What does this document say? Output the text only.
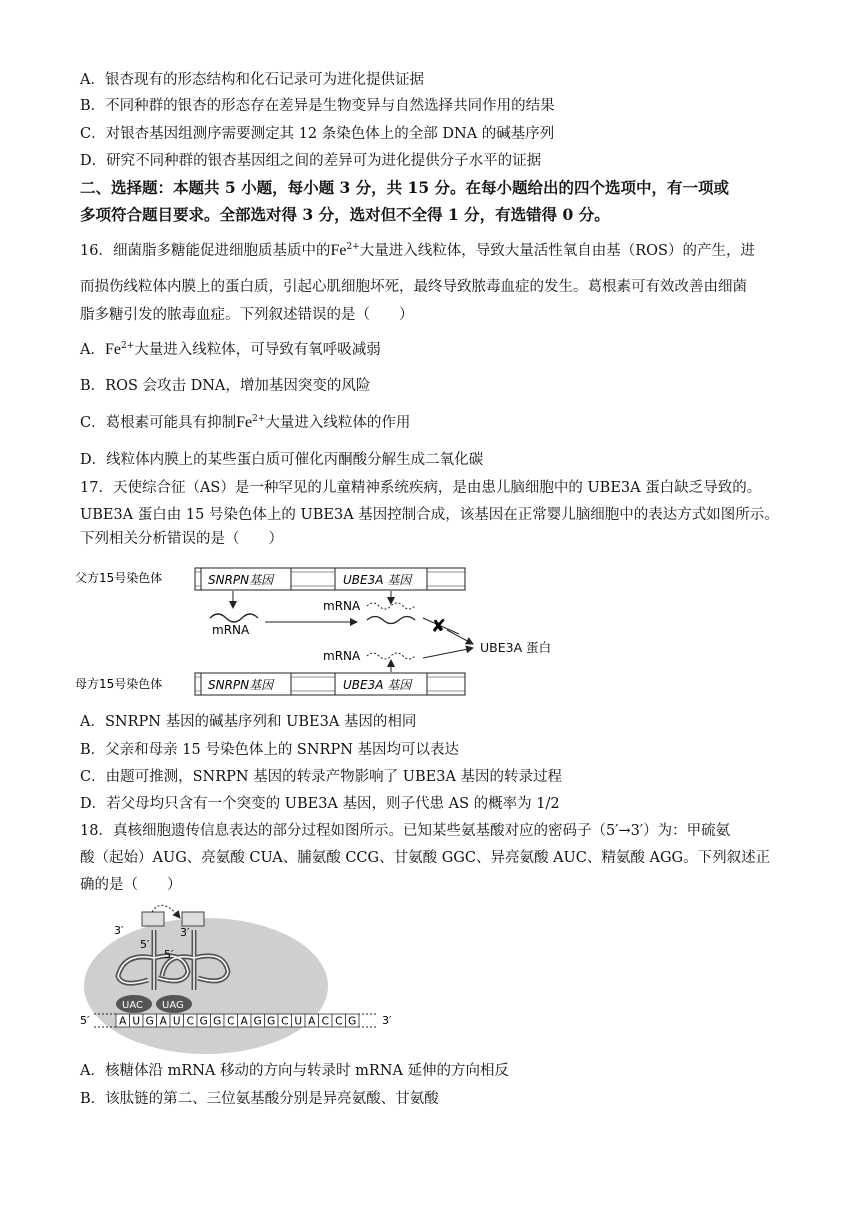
A．银杏现有的形态结构和化石记录可为进化提供证据
B．不同种群的银杏的形态存在差异是生物变异与自然选择共同作用的结果
C．对银杏基因组测序需要测定其 12 条染色体上的全部 DNA 的碱基序列
D．研究不同种群的银杏基因组之间的差异可为进化提供分子水平的证据
二、选择题：本题共 5 小题，每小题 3 分，共 15 分。在每小题给出的四个选项中，有一项或
多项符合题目要求。全部选对得 3 分，选对但不全得 1 分，有选错得 0 分。
16．细菌脂多糖能促进细胞质基质中的$Fe^{2+}$大量进入线粒体，导致大量活性氧自由基（ROS）的产生，进
而损伤线粒体内膜上的蛋白质，引起心肌细胞坏死，最终导致脓毒血症的发生。葛根素可有效改善由细菌
脂多糖引发的脓毒血症。下列叙述错误的是（　　）
A．$Fe^{2+}$大量进入线粒体，可导致有氧呼吸减弱
B．ROS 会攻击 DNA，增加基因突变的风险
C．葛根素可能具有抑制$Fe^{2+}$大量进入线粒体的作用
D．线粒体内膜上的某些蛋白质可催化丙酮酸分解生成二氧化碳
17．天使综合征（AS）是一种罕见的儿童精神系统疾病，是由患儿脑细胞中的 UBE3A 蛋白缺乏导致的。
UBE3A 蛋白由 15 号染色体上的 UBE3A 基因控制合成，该基因在正常婴儿脑细胞中的表达方式如图所示。
下列相关分析错误的是（　　）
父方15号染色体	SNRPN基因	UBE3A 基因
mRNA
mRNA
✘
mRNA
母方15号染色体	SNRPN基因	UBE3A 基因
UBE3A 蛋白
A．SNRPN 基因的碱基序列和 UBE3A 基因的相同
B．父亲和母亲 15 号染色体上的 SNRPN 基因均可以表达
C．由题可推测，SNRPN 基因的转录产物影响了 UBE3A 基因的转录过程
D．若父母均只含有一个突变的 UBE3A 基因，则子代患 AS 的概率为 1/2
18．真核细胞遗传信息表达的部分过程如图所示。已知某些氨基酸对应的密码子（5′→3′）为：甲硫氨
酸（起始）AUG、亮氨酸 CUA、脯氨酸 CCG、甘氨酸 GGC、异亮氨酸 AUC、精氨酸 AGG。下列叙述正
确的是（　　）
3′
5′
3′
5′
UAC UAG
5′	A U G A U C G G C A G G C U A C C G 3′
A．核糖体沿 mRNA 移动的方向与转录时 mRNA 延伸的方向相反
B．该肽链的第二、三位氨基酸分别是异亮氨酸、甘氨酸
